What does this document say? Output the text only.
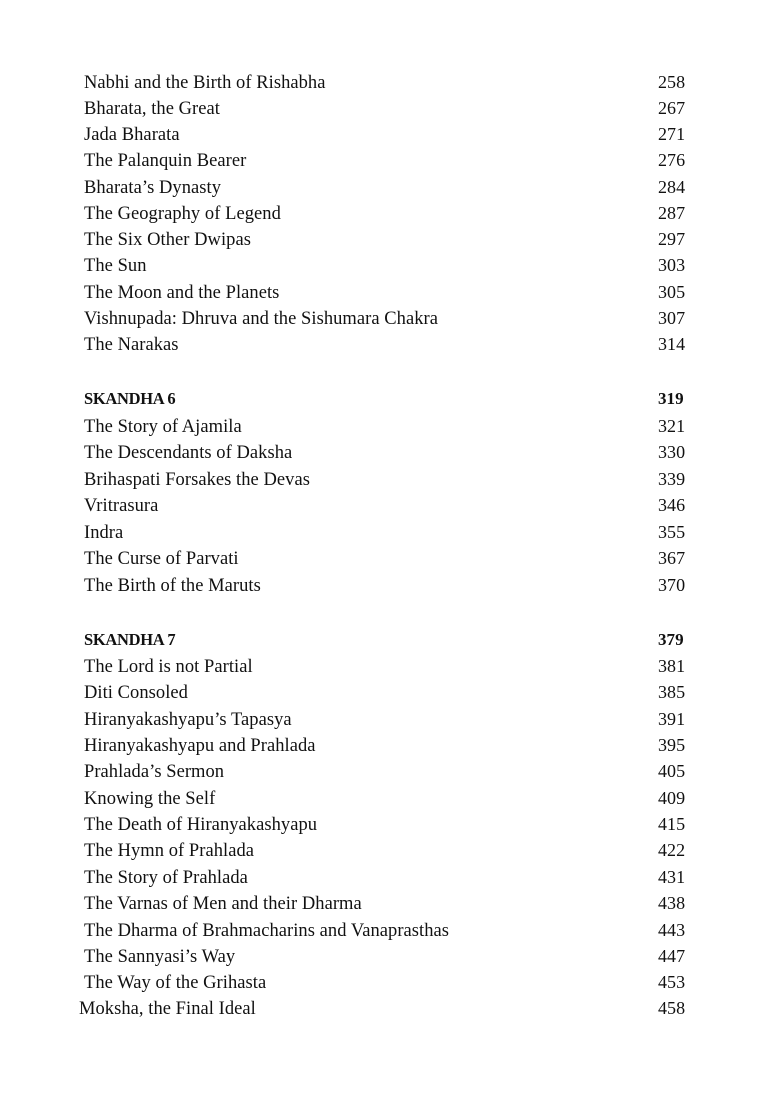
Nabhi and the Birth of Rishabha	258
Bharata, the Great	267
Jada Bharata	271
The Palanquin Bearer	276
Bharata’s Dynasty	284
The Geography of Legend	287
The Six Other Dwipas	297
The Sun	303
The Moon and the Planets	305
Vishnupada: Dhruva and the Sishumara Chakra	307
The Narakas	314
SKANDHA 6	319
The Story of Ajamila	321
The Descendants of Daksha	330
Brihaspati Forsakes the Devas	339
Vritrasura	346
Indra	355
The Curse of Parvati	367
The Birth of the Maruts	370
SKANDHA 7	379
The Lord is not Partial	381
Diti Consoled	385
Hiranyakashyapu’s Tapasya	391
Hiranyakashyapu and Prahlada	395
Prahlada’s Sermon	405
Knowing the Self	409
The Death of Hiranyakashyapu	415
The Hymn of Prahlada	422
The Story of Prahlada	431
The Varnas of Men and their Dharma	438
The Dharma of Brahmacharins and Vanaprasthas	443
The Sannyasi’s Way	447
The Way of the Grihasta	453
Moksha, the Final Ideal	458
